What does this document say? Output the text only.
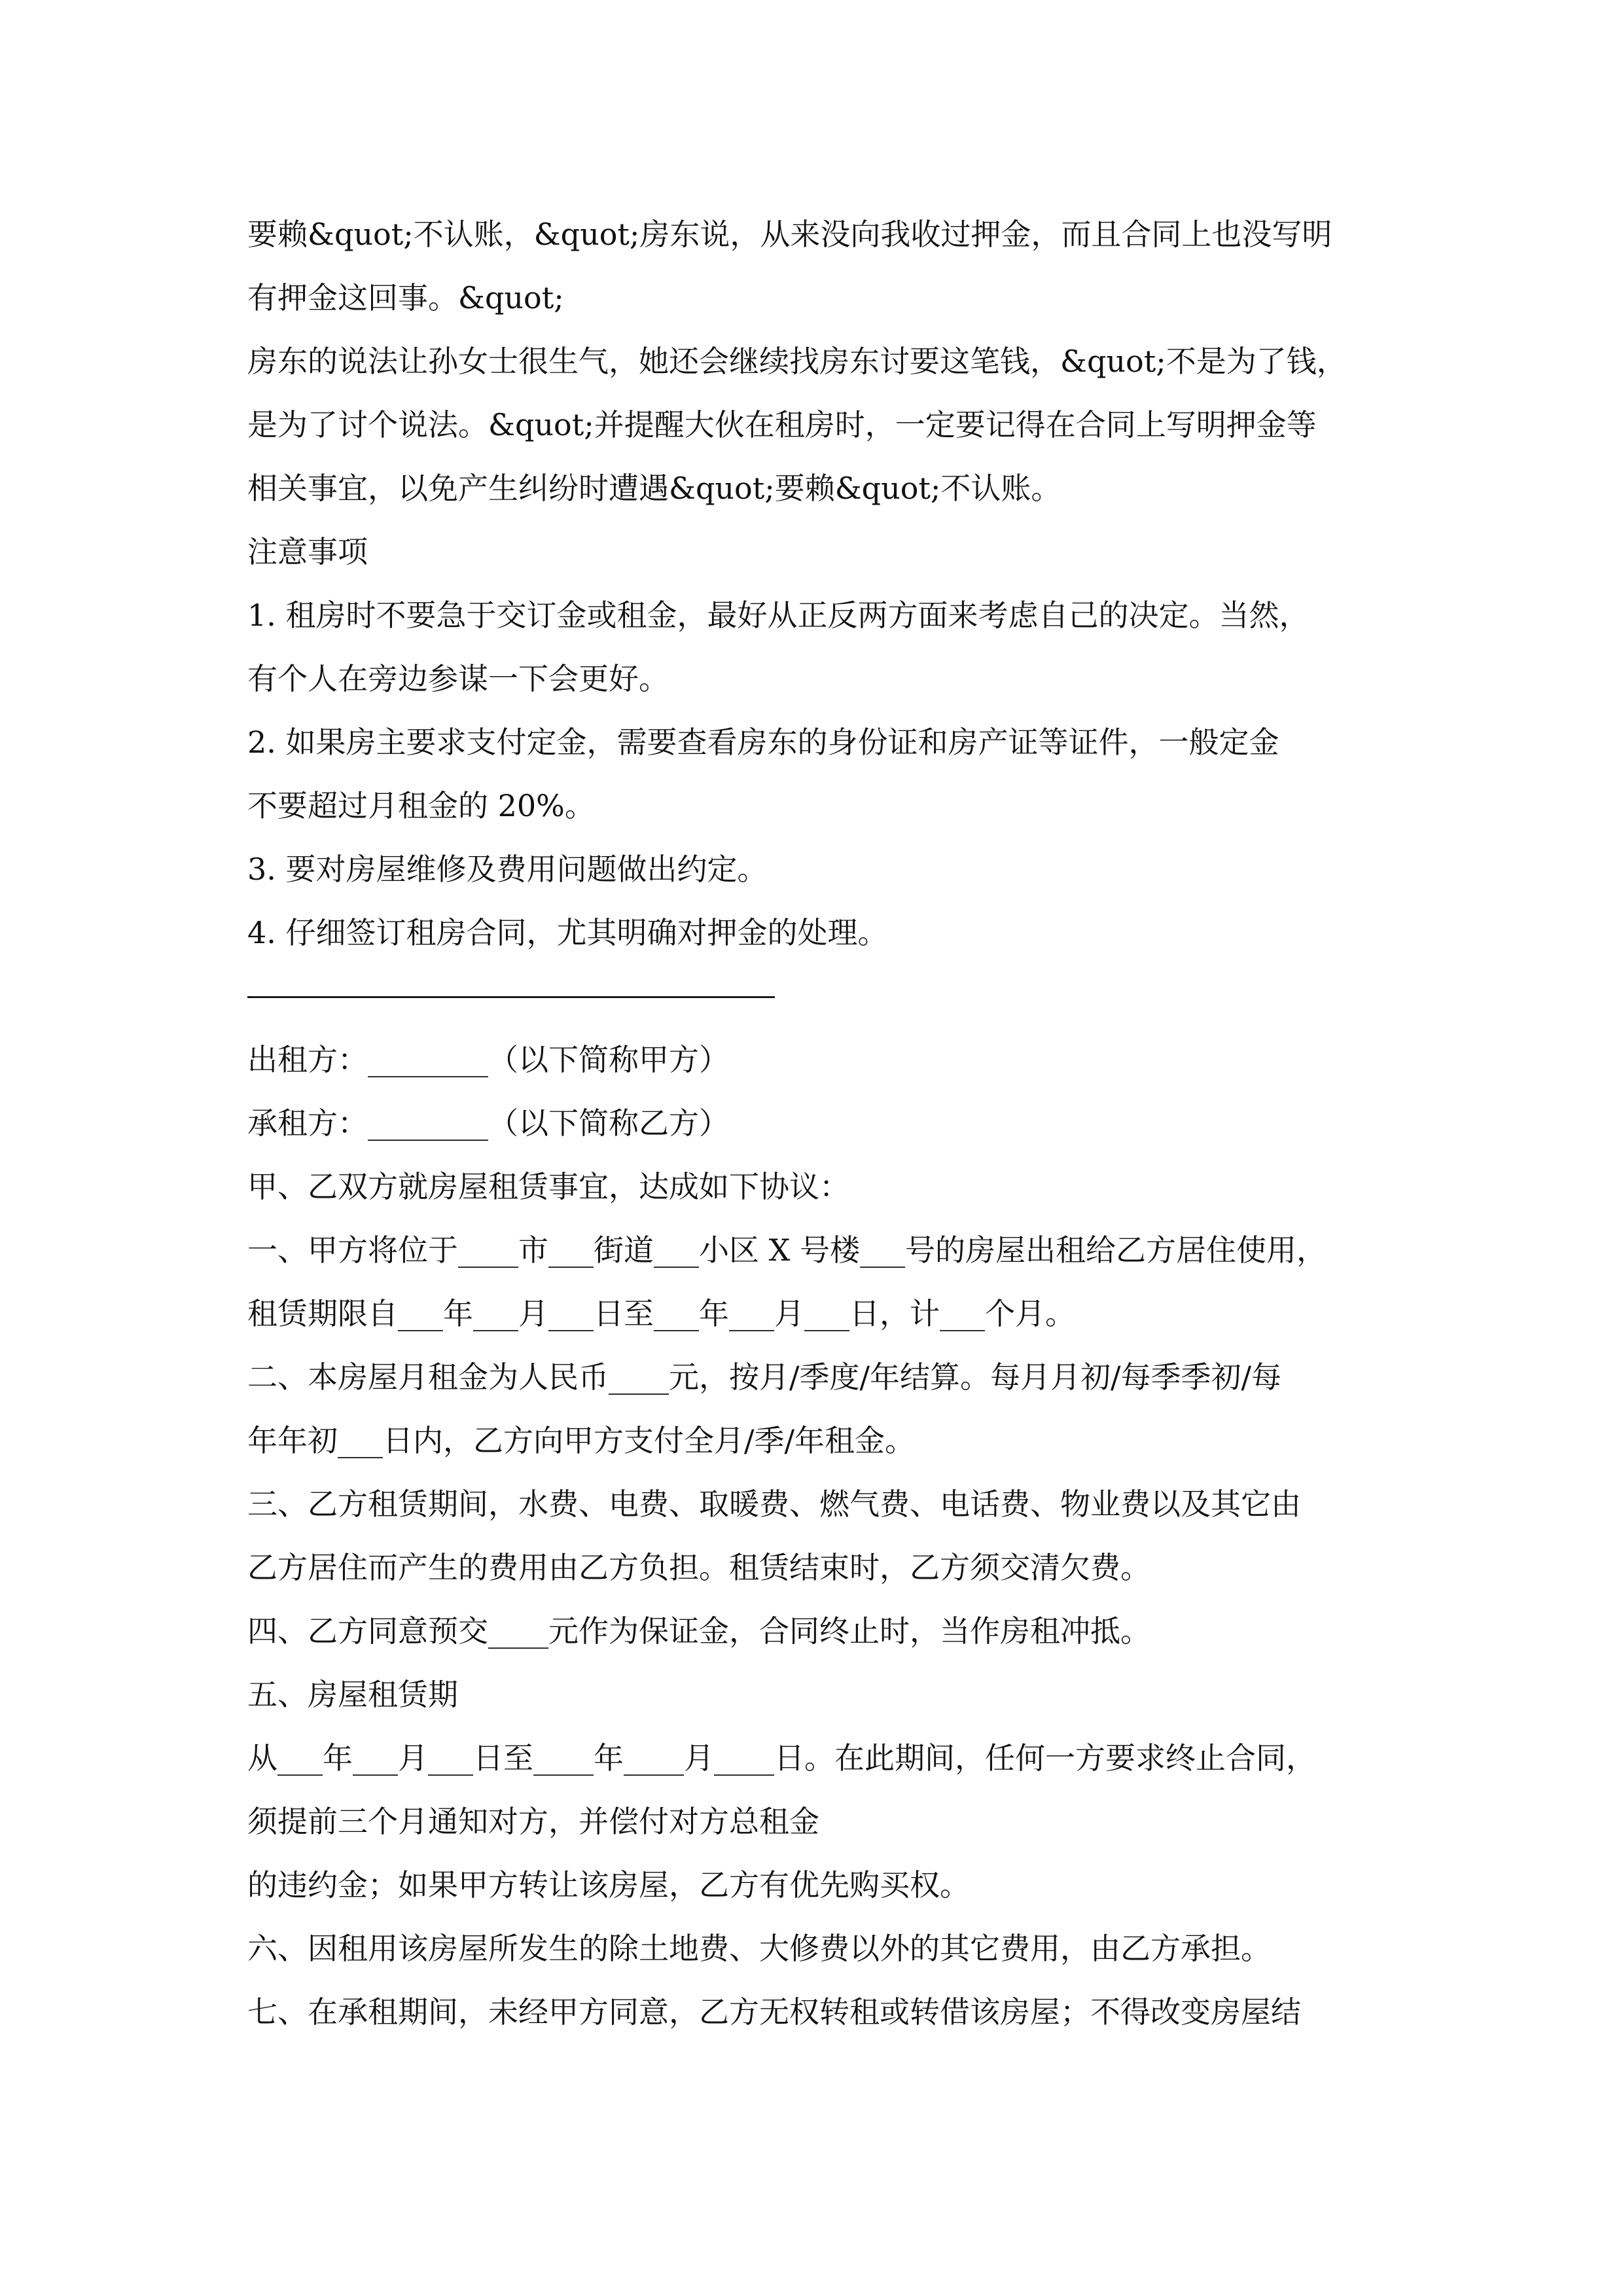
要赖&quot;不认账，&quot;房东说，从来没向我收过押金，而且合同上也没写明
有押金这回事。&quot;
房东的说法让孙女士很生气，她还会继续找房东讨要这笔钱，&quot;不是为了钱，
是为了讨个说法。&quot;并提醒大伙在租房时，一定要记得在合同上写明押金等
相关事宜，以免产生纠纷时遭遇&quot;要赖&quot;不认账。
注意事项
1. 租房时不要急于交订金或租金，最好从正反两方面来考虑自己的决定。当然，
有个人在旁边参谋一下会更好。
2. 如果房主要求支付定金，需要查看房东的身份证和房产证等证件，一般定金
不要超过月租金的 20%。
3. 要对房屋维修及费用问题做出约定。
4. 仔细签订租房合同，尤其明确对押金的处理。
出租方：________（以下简称甲方）
承租方：________（以下简称乙方）
甲、乙双方就房屋租赁事宜，达成如下协议：
一、甲方将位于____市___街道___小区 X 号楼___号的房屋出租给乙方居住使用，
租赁期限自___年___月___日至___年___月___日，计___个月。
二、本房屋月租金为人民币____元，按月/季度/年结算。每月月初/每季季初/每
年年初___日内，乙方向甲方支付全月/季/年租金。
三、乙方租赁期间，水费、电费、取暖费、燃气费、电话费、物业费以及其它由
乙方居住而产生的费用由乙方负担。租赁结束时，乙方须交清欠费。
四、乙方同意预交____元作为保证金，合同终止时，当作房租冲抵。
五、房屋租赁期
从___年___月___日至____年____月____日。在此期间，任何一方要求终止合同，
须提前三个月通知对方，并偿付对方总租金
的违约金；如果甲方转让该房屋，乙方有优先购买权。
六、因租用该房屋所发生的除土地费、大修费以外的其它费用，由乙方承担。
七、在承租期间，未经甲方同意，乙方无权转租或转借该房屋；不得改变房屋结
